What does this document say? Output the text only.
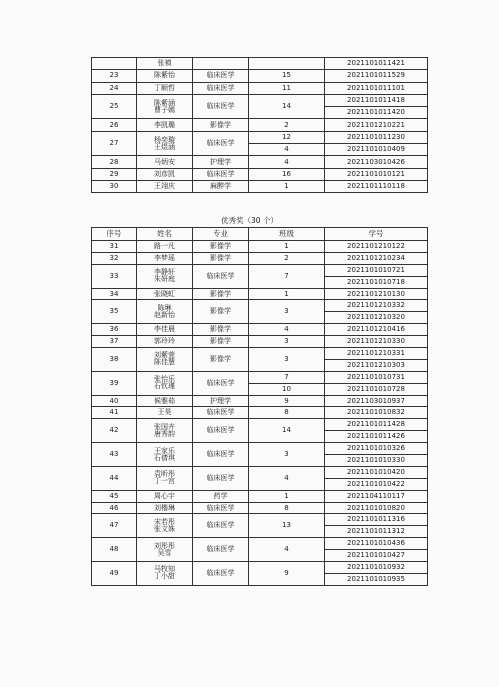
	张禛			2021101011421
23	陈紫怡	临床医学	15	2021101011529
24	丁顺哲	临床医学	11	2021101011101
25	陈紫涵
曹子嫣	临床医学	14	2021101011418
				2021101011420
26	李凯璐	影像学	2	2021101210221
27	杨奕璇
王煜涵	临床医学	12	2021101011230
			4	2021101010409
28	马炳安	护理学	4	2021103010426
29	刘彦凯	临床医学	16	2021101010121
30	王翊庆	麻醉学	1	2021101110118
优秀奖（30 个）
序号	姓名	专业	班级	学号
31	路一凡	影像学	1	2021101210122
32	李梦瑶	影像学	2	2021101210234
33	李静轩
朱妍庭	临床医学	7	2021101010721
				2021101010718
34	张晓虹	影像学	1	2021101210130
35	陈琳
赵新怡	影像学	3	2021101210332
				2021101210320
36	李佳晨	影像学	4	2021101210416
37	郭玲玲	影像学	3	2021101210330
38	刘紫萱
陈佳慧	影像学	3	2021101210331
				2021101210303
39	张怡乐
石钦瑾	临床医学	7	2021101010731
			10	2021101010728
40	候雅茹	护理学	9	2021103010937
41	王昊	临床医学	8	2021101010832
42	张国卉
唐秀韵	临床医学	14	2021101011428
				2021101011426
43	王家乐
石倩琪	临床医学	3	2021101010326
				2021101010330
44	袁昕彤
丁一宫	临床医学	4	2021101010420
				2021101010422
45	周心宇	药学	1	2021104110117
46	刘楷琳	临床医学	8	2021101010820
47	宋若彤
张文姝	临床医学	13	2021101011316
				2021101011312
48	刘彤彤
吴雪	临床医学	4	2021101010436
				2021101010427
49	马牧知
丁小甜	临床医学	9	2021101010932
				2021101010935
